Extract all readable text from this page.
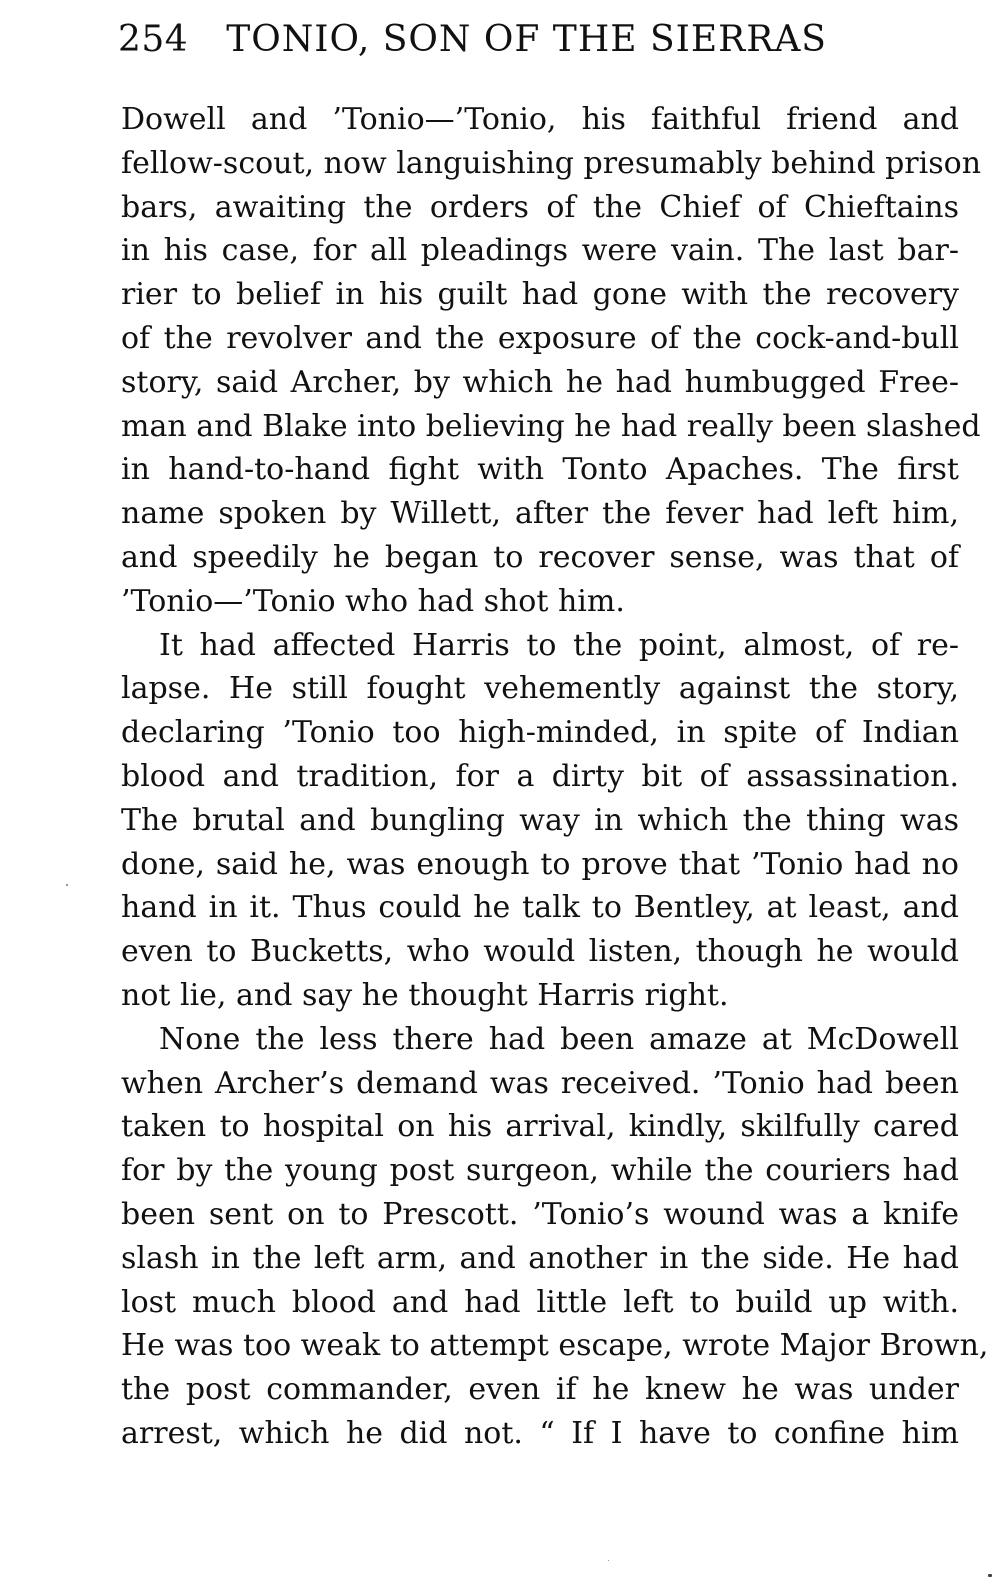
254 TONIO, SON OF THE SIERRAS
Dowell and ’Tonio—’Tonio, his faithful friend and
fellow-scout, now languishing presumably behind prison
bars, awaiting the orders of the Chief of Chieftains
in his case, for all pleadings were vain. The last bar-
rier to belief in his guilt had gone with the recovery
of the revolver and the exposure of the cock-and-bull
story, said Archer, by which he had humbugged Free-
man and Blake into believing he had really been slashed
in hand-to-hand fight with Tonto Apaches. The first
name spoken by Willett, after the fever had left him,
and speedily he began to recover sense, was that of
’Tonio—’Tonio who had shot him.
It had affected Harris to the point, almost, of re-
lapse. He still fought vehemently against the story,
declaring ’Tonio too high-minded, in spite of Indian
blood and tradition, for a dirty bit of assassination.
The brutal and bungling way in which the thing was
done, said he, was enough to prove that ’Tonio had no
hand in it. Thus could he talk to Bentley, at least, and
even to Bucketts, who would listen, though he would
not lie, and say he thought Harris right.
None the less there had been amaze at McDowell
when Archer’s demand was received. ’Tonio had been
taken to hospital on his arrival, kindly, skilfully cared
for by the young post surgeon, while the couriers had
been sent on to Prescott. ’Tonio’s wound was a knife
slash in the left arm, and another in the side. He had
lost much blood and had little left to build up with.
He was too weak to attempt escape, wrote Major Brown,
the post commander, even if he knew he was under
arrest, which he did not. “ If I have to confine him
